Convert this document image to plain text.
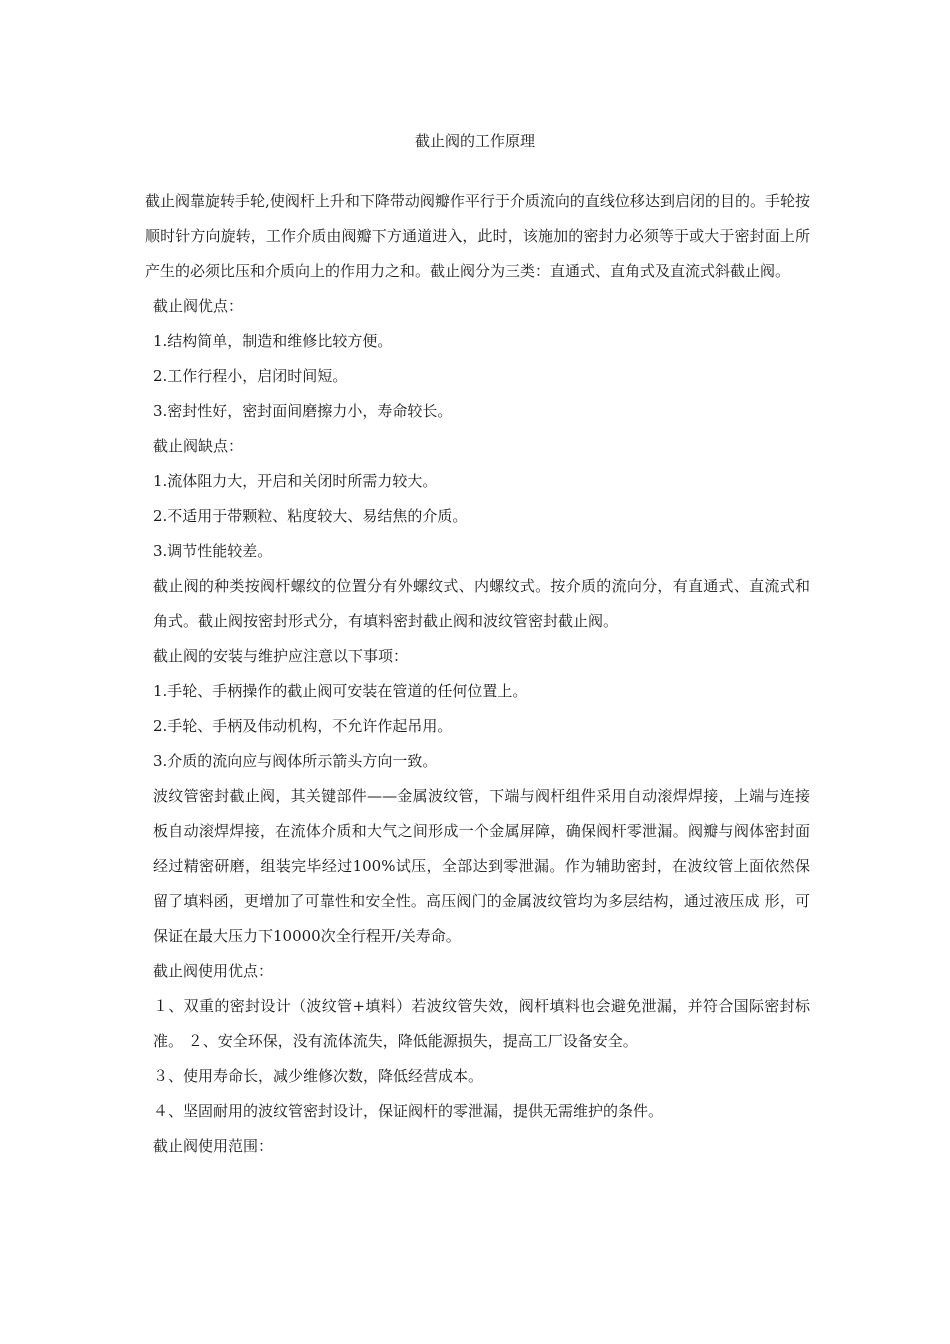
截止阀的工作原理

截止阀靠旋转手轮,使阀杆上升和下降带动阀瓣作平行于介质流向的直线位移达到启闭的目的。手轮按顺时针方向旋转，工作介质由阀瓣下方通道进入，此时，该施加的密封力必须等于或大于密封面上所产生的必须比压和介质向上的作用力之和。截止阀分为三类：直通式、直角式及直流式斜截止阀。

截止阀优点：

1.结构简单，制造和维修比较方便。

2.工作行程小，启闭时间短。

3.密封性好，密封面间磨擦力小，寿命较长。

截止阀缺点：

1.流体阻力大，开启和关闭时所需力较大。

2.不适用于带颗粒、粘度较大、易结焦的介质。

3.调节性能较差。

截止阀的种类按阀杆螺纹的位置分有外螺纹式、内螺纹式。按介质的流向分，有直通式、直流式和角式。截止阀按密封形式分，有填料密封截止阀和波纹管密封截止阀。

截止阀的安装与维护应注意以下事项：

1.手轮、手柄操作的截止阀可安装在管道的任何位置上。

2.手轮、手柄及伟动机构，不允许作起吊用。

3.介质的流向应与阀体所示箭头方向一致。

波纹管密封截止阀，其关键部件——金属波纹管，下端与阀杆组件采用自动滚焊焊接，上端与连接板自动滚焊焊接，在流体介质和大气之间形成一个金属屏障，确保阀杆零泄漏。阀瓣与阀体密封面经过精密研磨，组装完毕经过100%试压，全部达到零泄漏。作为辅助密封，在波纹管上面依然保 留了填料函，更增加了可靠性和安全性。高压阀门的金属波纹管均为多层结构，通过液压成 形，可保证在最大压力下10000次全行程开/关寿命。

截止阀使用优点：

１、双重的密封设计（波纹管+填料）若波纹管失效，阀杆填料也会避免泄漏，并符合国际密封标准。 ２、安全环保，没有流体流失，降低能源损失，提高工厂设备安全。

３、使用寿命长，减少维修次数，降低经营成本。

４、坚固耐用的波纹管密封设计，保证阀杆的零泄漏，提供无需维护的条件。

截止阀使用范围：
